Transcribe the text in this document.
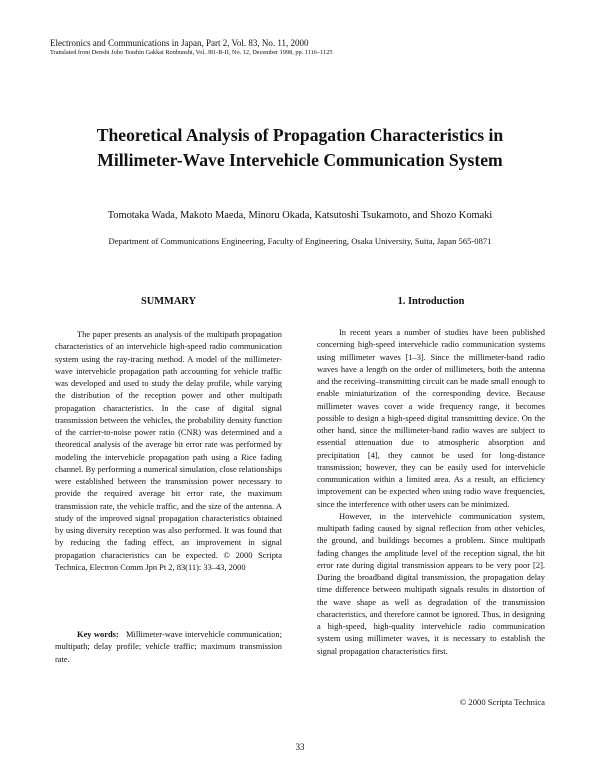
Electronics and Communications in Japan, Part 2, Vol. 83, No. 11, 2000
Translated from Denshi Joho Tsushin Gakkai Ronbunshi, Vol. J81-B-II, No. 12, December 1998, pp. 1116–1125
Theoretical Analysis of Propagation Characteristics in
Millimeter-Wave Intervehicle Communication System
Tomotaka Wada, Makoto Maeda, Minoru Okada, Katsutoshi Tsukamoto, and Shozo Komaki
Department of Communications Engineering, Faculty of Engineering, Osaka University, Suita, Japan 565-0871
SUMMARY	1. Introduction

The paper presents an analysis of the multipath propagation characteristics of an intervehicle high-speed radio communication system using the ray-tracing method. A model of the millimeter-wave intervehicle propagation path accounting for vehicle traffic was developed and used to study the delay profile, while varying the distribution of the reception power and other multipath propagation characteristics. In the case of digital signal transmission between the vehicles, the probability density function of the carrier-to-noise power ratio (CNR) was determined and a theoretical analysis of the average bit error rate was performed by modeling the intervehicle propagation path using a Rice fading channel. By performing a numerical simulation, close relationships were established between the transmission power necessary to provide the required average bit error rate, the maximum transmission rate, the vehicle traffic, and the size of the antenna. A study of the improved signal propagation characteristics obtained by using diversity reception was also performed. It was found that by reducing the fading effect, an improvement in signal propagation characteristics can be expected. © 2000 Scripta Technica, Electron Comm Jpn Pt 2, 83(11): 33–43, 2000

Key words: Millimeter-wave intervehicle communication; multipath; delay profile; vehicle traffic; maximum transmission rate.

In recent years a number of studies have been published concerning high-speed intervehicle radio communication systems using millimeter waves [1–3]. Since the millimeter-band radio waves have a length on the order of millimeters, both the antenna and the receiving–transmitting circuit can be made small enough to enable miniaturization of the corresponding device. Because millimeter waves cover a wide frequency range, it becomes possible to design a high-speed digital transmitting device. On the other hand, since the millimeter-band radio waves are subject to essential attenuation due to atmospheric absorption and precipitation [4], they cannot be used for long-distance transmission; however, they can be easily used for intervehicle communication within a limited area. As a result, an efficiency improvement can be expected when using radio wave frequencies, since the interference with other users can be minimized.

However, in the intervehicle communication system, multipath fading caused by signal reflection from other vehicles, the ground, and buildings becomes a problem. Since multipath fading changes the amplitude level of the reception signal, the bit error rate during digital transmission appears to be very poor [2]. During the broadband digital transmission, the propagation delay time difference between multipath signals results in distortion of the wave shape as well as degradation of the transmission characteristics, and therefore cannot be ignored. Thus, in designing a high-speed, high-quality intervehicle radio communication system using millimeter waves, it is necessary to establish the signal propagation characteristics first.

© 2000 Scripta Technica
33
